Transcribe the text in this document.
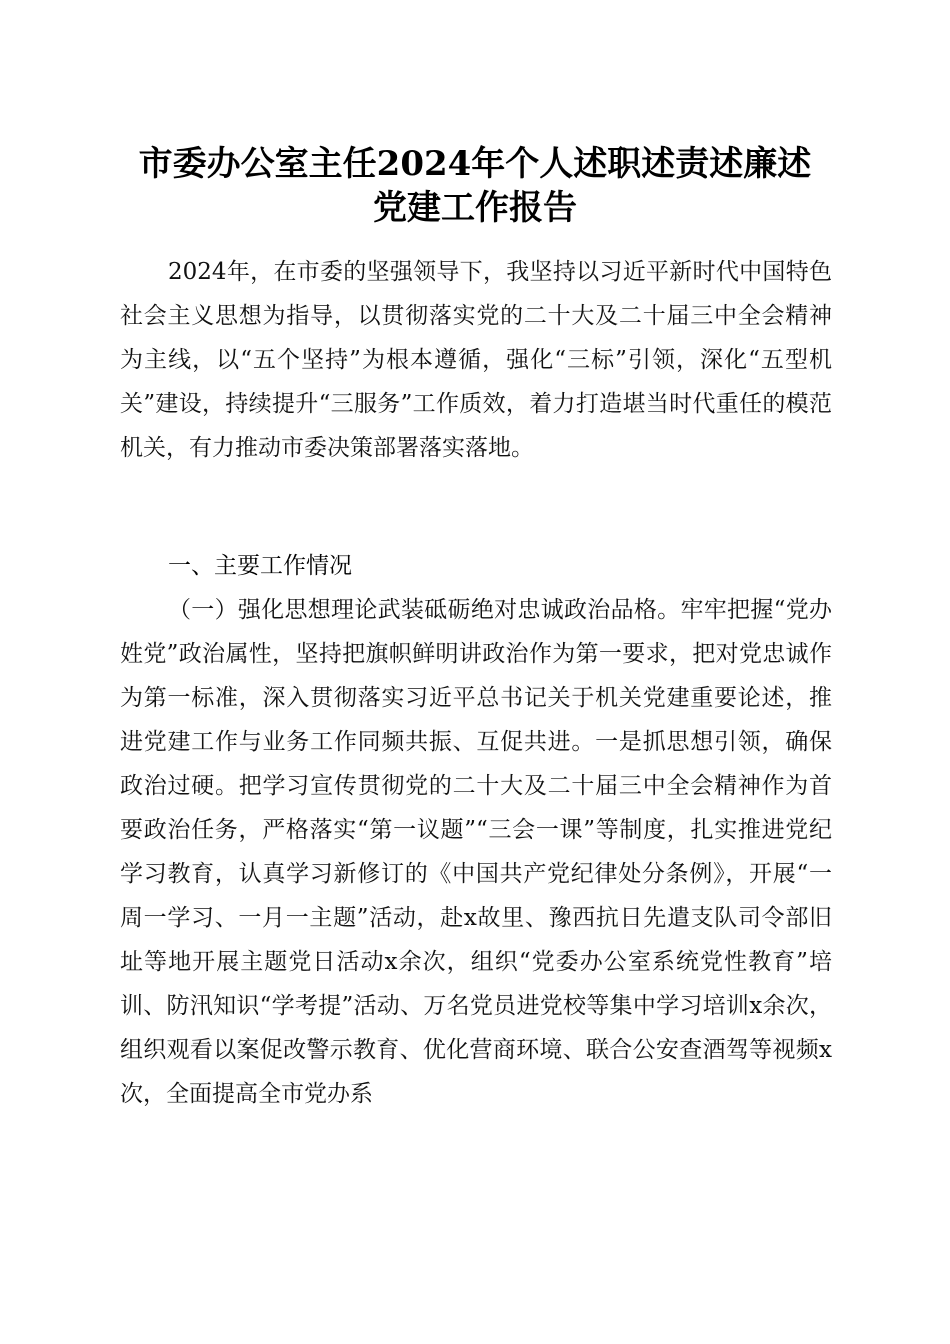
市委办公室主任2024年个人述职述责述廉述
党建工作报告
2024年，在市委的坚强领导下，我坚持以习近平新时代中国特色社会主义思想为指导，以贯彻落实党的二十大及二十届三中全会精神为主线，以“五个坚持”为根本遵循，强化“三标”引领，深化“五型机关”建设，持续提升“三服务”工作质效，着力打造堪当时代重任的模范机关，有力推动市委决策部署落实落地。
一、主要工作情况
（一）强化思想理论武装砥砺绝对忠诚政治品格。牢牢把握“党办姓党”政治属性，坚持把旗帜鲜明讲政治作为第一要求，把对党忠诚作为第一标准，深入贯彻落实习近平总书记关于机关党建重要论述，推进党建工作与业务工作同频共振、互促共进。一是抓思想引领，确保政治过硬。把学习宣传贯彻党的二十大及二十届三中全会精神作为首要政治任务，严格落实“第一议题”“三会一课”等制度，扎实推进党纪学习教育，认真学习新修订的《中国共产党纪律处分条例》，开展“一周一学习、一月一主题”活动，赴x故里、豫西抗日先遣支队司令部旧址等地开展主题党日活动x余次，组织“党委办公室系统党性教育”培训、防汛知识“学考提”活动、万名党员进党校等集中学习培训x余次，组织观看以案促改警示教育、优化营商环境、联合公安查酒驾等视频x次，全面提高全市党办系
